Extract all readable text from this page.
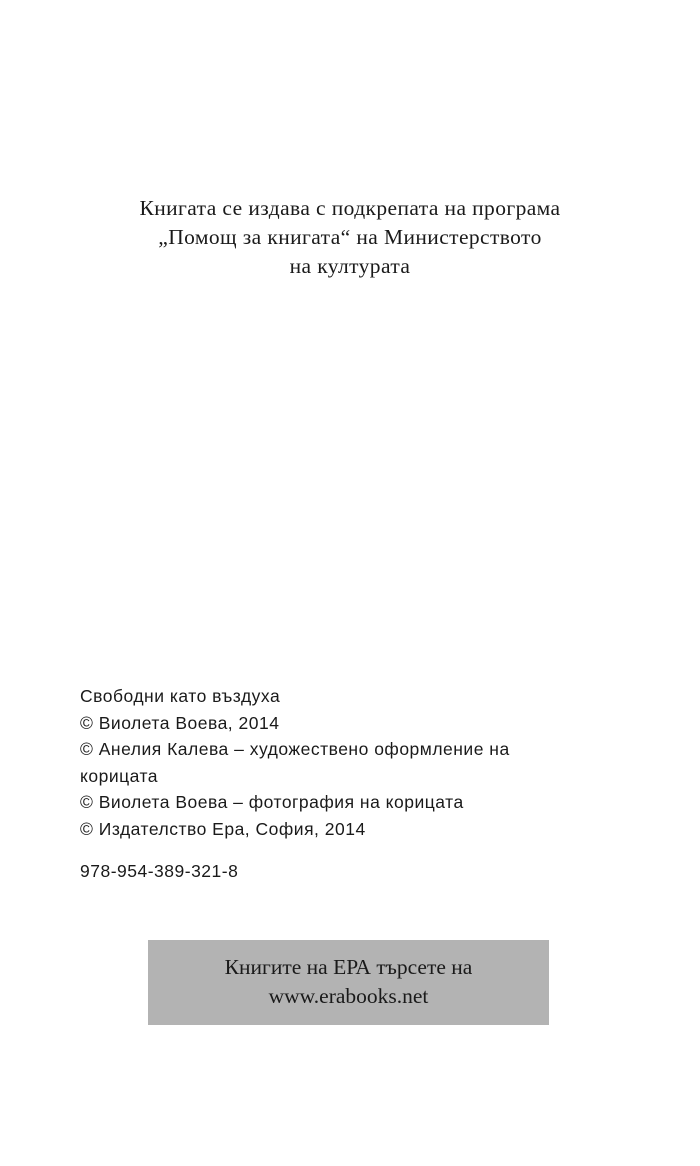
Книгата се издава с подкрепата на програма
„Помощ за книгата“ на Министерството
на културата

Свободни като въздуха
© Виолета Воева, 2014
© Анелия Калева – художествено оформление на
корицата
© Виолета Воева – фотография на корицата
© Издателство Ера, София, 2014

978-954-389-321-8

Книгите на ЕРА търсете на
www.erabooks.net
